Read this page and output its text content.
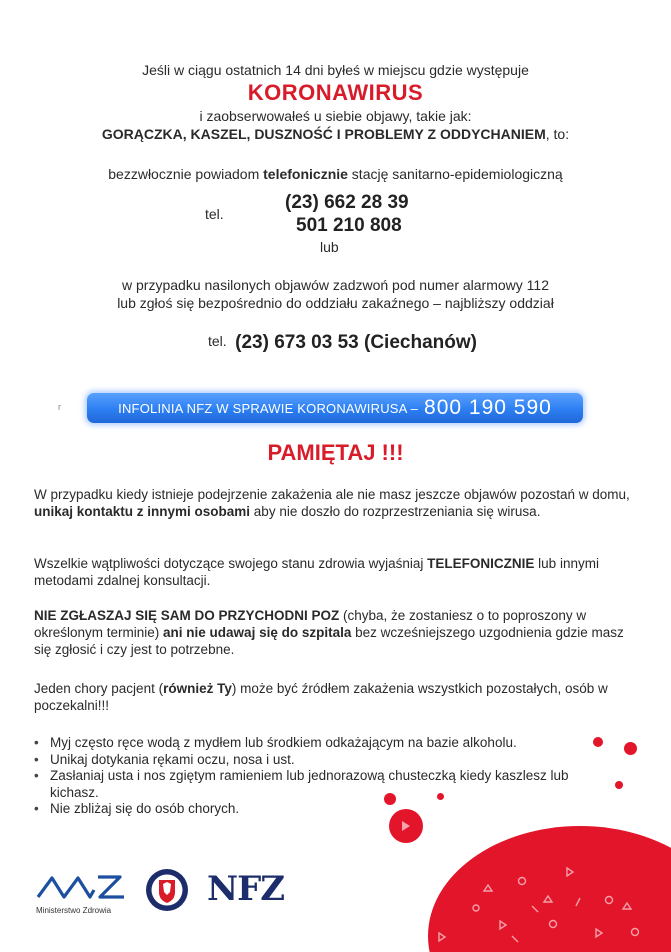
Jeśli w ciągu ostatnich 14 dni byłeś w miejscu gdzie występuje
KORONAWIRUS
i zaobserwowałeś u siebie objawy, takie jak:
GORĄCZKA, KASZEL, DUSZNOŚĆ I PROBLEMY Z ODDYCHANIEM, to:
bezzwłocznie powiadom telefonicznie stację sanitarno-epidemiologiczną
tel.
(23) 662 28 39
501 210 808
lub
w przypadku nasilonych objawów zadzwoń pod numer alarmowy 112
lub zgłoś się bezpośrednio do oddziału zakaźnego – najbliższy oddział
tel. (23) 673 03 53 (Ciechanów)
r	INFOLINIA NFZ W SPRAWIE KORONAWIRUSA – 800 190 590
PAMIĘTAJ !!!
W przypadku kiedy istnieje podejrzenie zakażenia ale nie masz jeszcze objawów pozostań w domu, unikaj kontaktu z innymi osobami aby nie doszło do rozprzestrzeniania się wirusa.
Wszelkie wątpliwości dotyczące swojego stanu zdrowia wyjaśniaj TELEFONICZNIE lub innymi metodami zdalnej konsultacji.
NIE ZGŁASZAJ SIĘ SAM DO PRZYCHODNI POZ (chyba, że zostaniesz o to poproszony w określonym terminie) ani nie udawaj się do szpitala bez wcześniejszego uzgodnienia gdzie masz się zgłosić i czy jest to potrzebne.
Jeden chory pacjent (również Ty) może być źródłem zakażenia wszystkich pozostałych, osób w poczekalni!!!
• Myj często ręce wodą z mydłem lub środkiem odkażającym na bazie alkoholu.
• Unikaj dotykania rękami oczu, nosa i ust.
• Zasłaniaj usta i nos zgiętym ramieniem lub jednorazową chusteczką kiedy kaszlesz lub kichasz.
• Nie zbliżaj się do osób chorych.
Ministerstwo Zdrowia
NFZ
